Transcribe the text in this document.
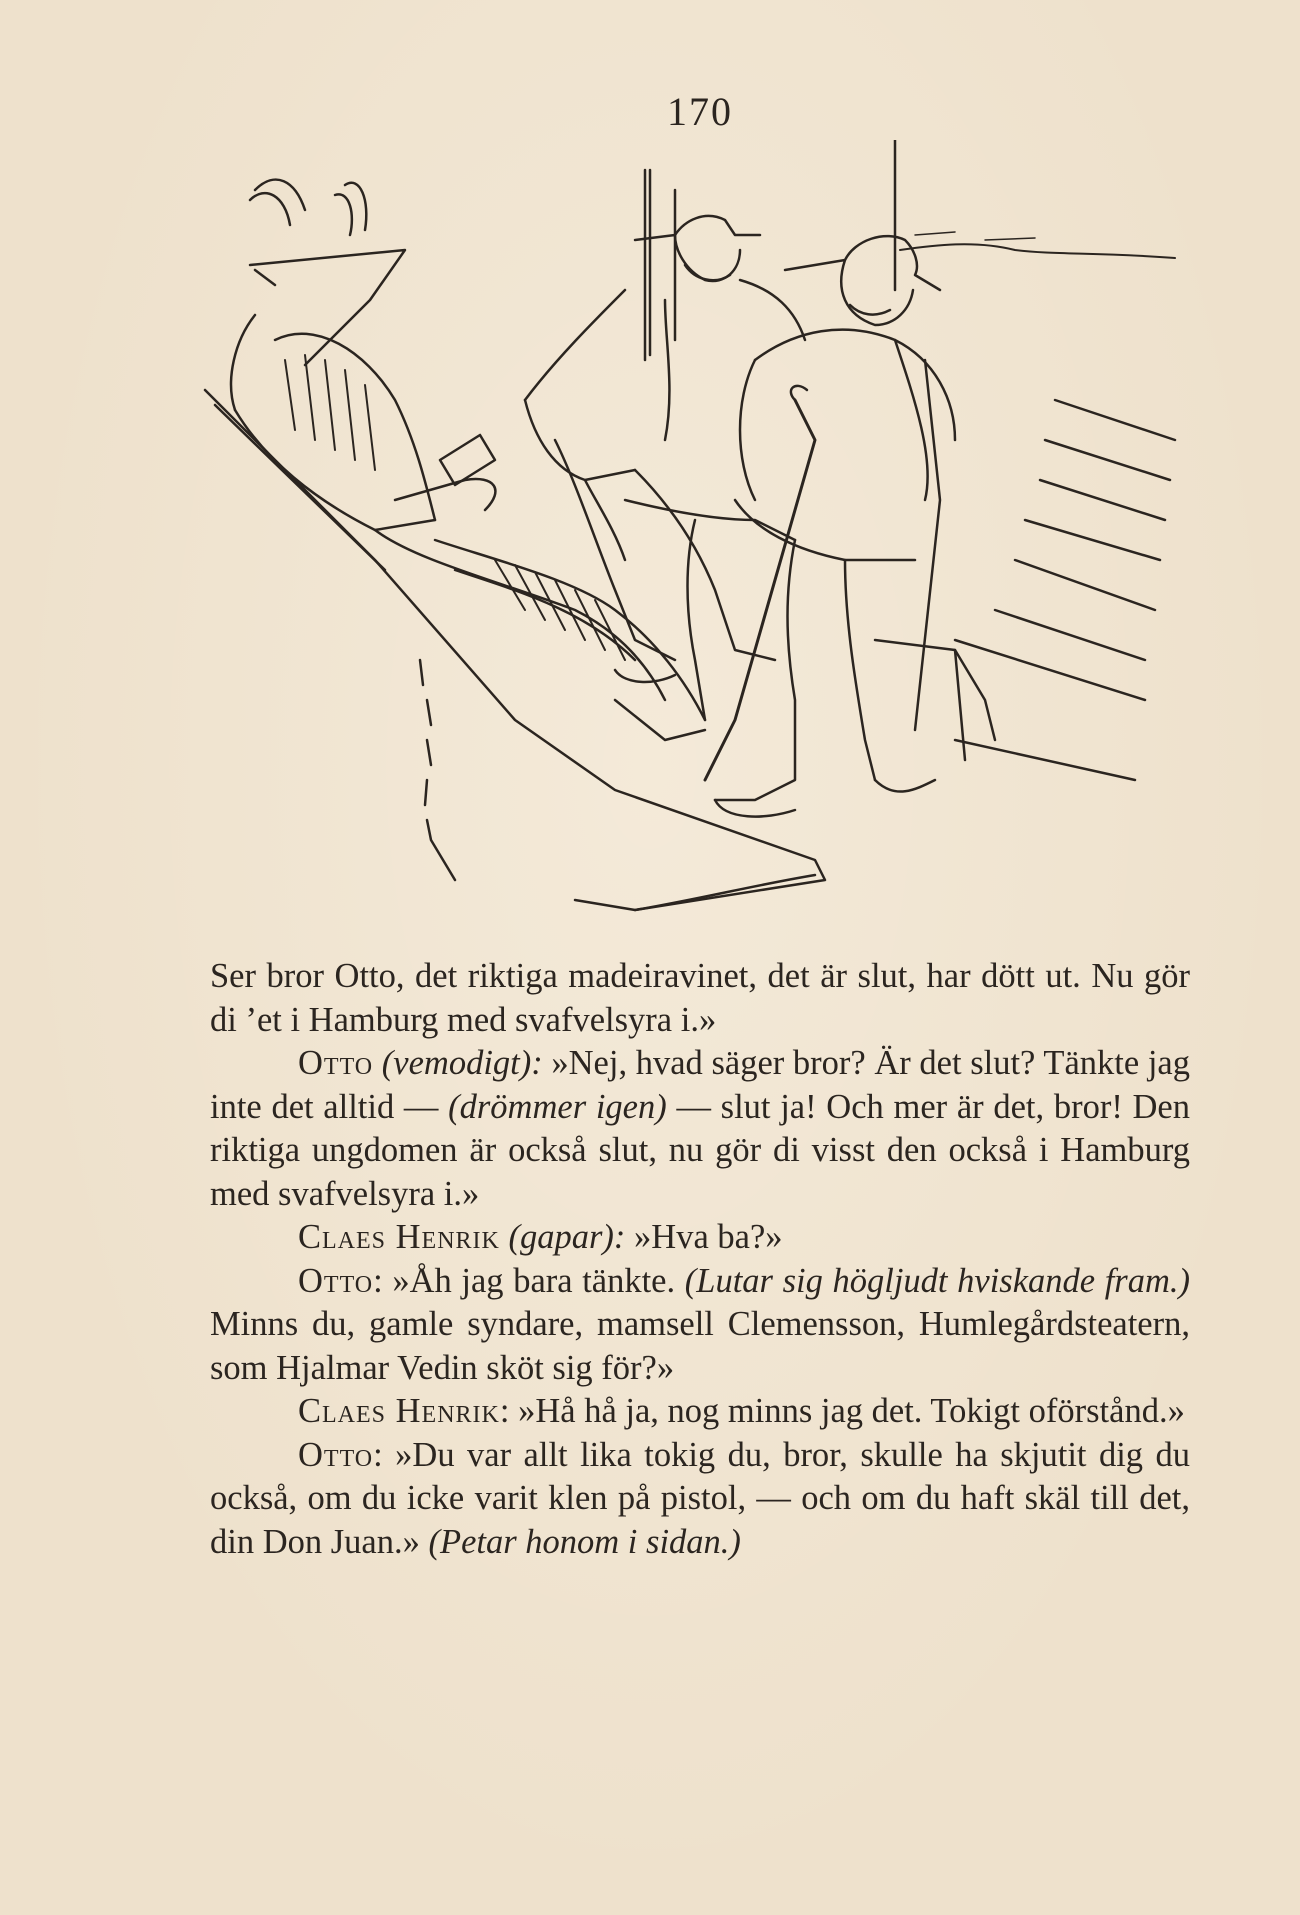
170

Ser bror Otto, det riktiga madeiravinet, det är slut, har dött ut. Nu gör di ’et i Hamburg med svafvelsyra i.»

Otto (vemodigt): »Nej, hvad säger bror? Är det slut? Tänkte jag inte det alltid — (drömmer igen) — slut ja! Och mer är det, bror! Den riktiga ungdomen är också slut, nu gör di visst den också i Hamburg med svafvelsyra i.»

Claes Henrik (gapar): »Hva ba?»

Otto: »Åh jag bara tänkte. (Lutar sig högljudt hviskande fram.) Minns du, gamle syndare, mamsell Clemensson, Humlegårdsteatern, som Hjalmar Vedin sköt sig för?»

Claes Henrik: »Hå hå ja, nog minns jag det. Tokigt oförstånd.»

Otto: »Du var allt lika tokig du, bror, skulle ha skjutit dig du också, om du icke varit klen på pistol, — och om du haft skäl till det, din Don Juan.» (Petar honom i sidan.)
